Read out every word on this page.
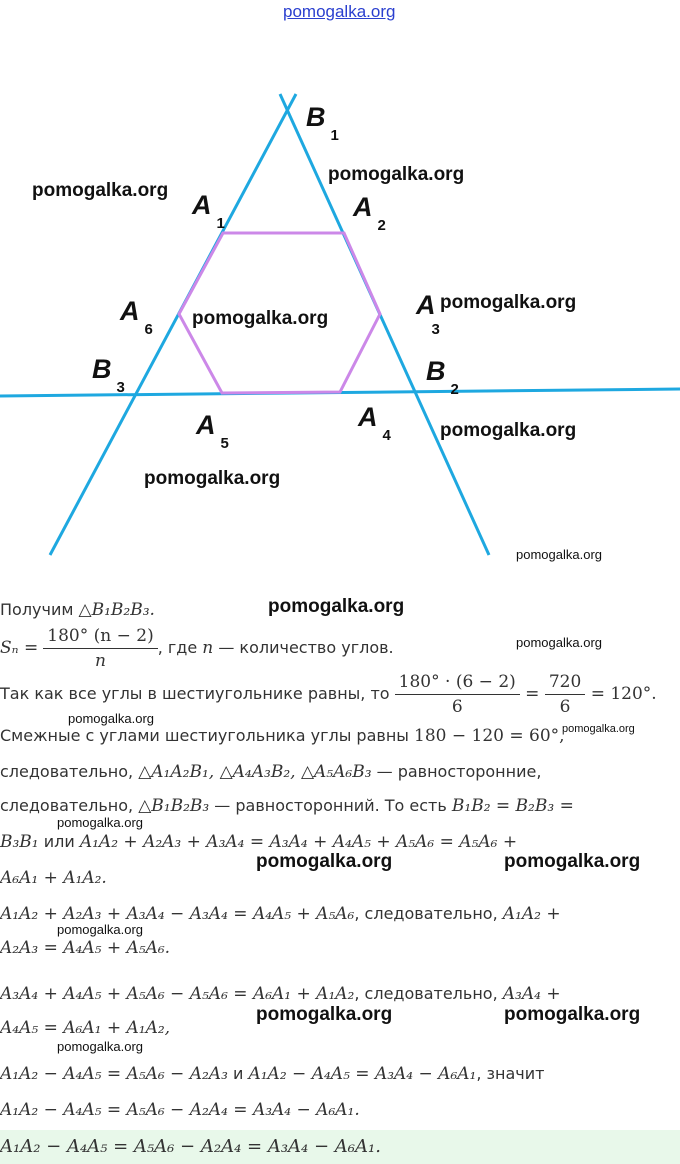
pomogalka.org
$B_1$
$A_1$
$A_2$
$A_6$
$A_3$
$B_3$
$B_2$
$A_5$
$A_4$
pomogalka.org
pomogalka.org
pomogalka.org
pomogalka.org
pomogalka.org
pomogalka.org
pomogalka.org
Получим △B₁B₂B₃.	pomogalka.org
$S_n = \frac{180^\circ (n - 2)}{n}$ , где n — количество углов.	pomogalka.org
Так как все углы в шестиугольнике равны, то $\frac{180^\circ \cdot (6 - 2)}{6} = \frac{720}{6} = 120^\circ$.
pomogalka.org
Смежные с углами шестиугольника углы равны 180 − 120 = 60°,
pomogalka.org
следовательно, △A₁A₂B₁, △A₄A₃B₂, △A₅A₆B₃ — равносторонние,
следовательно, △B₁B₂B₃ — равносторонний. То есть B₁B₂ = B₂B₃ =
pomogalka.org
B₃B₁ или A₁A₂ + A₂A₃ + A₃A₄ = A₃A₄ + A₄A₅ + A₅A₆ = A₅A₆ +
pomogalka.org	pomogalka.org
A₆A₁ + A₁A₂.
A₁A₂ + A₂A₃ + A₃A₄ − A₃A₄ = A₄A₅ + A₅A₆, следовательно, A₁A₂ +
pomogalka.org
A₂A₃ = A₄A₅ + A₅A₆.
A₃A₄ + A₄A₅ + A₅A₆ − A₅A₆ = A₆A₁ + A₁A₂, следовательно, A₃A₄ +
pomogalka.org	pomogalka.org
A₄A₅ = A₆A₁ + A₁A₂,
pomogalka.org
A₁A₂ − A₄A₅ = A₅A₆ − A₂A₃ и A₁A₂ − A₄A₅ = A₃A₄ − A₆A₁, значит
A₁A₂ − A₄A₅ = A₅A₆ − A₂A₄ = A₃A₄ − A₆A₁.
A₁A₂ − A₄A₅ = A₅A₆ − A₂A₄ = A₃A₄ − A₆A₁.
